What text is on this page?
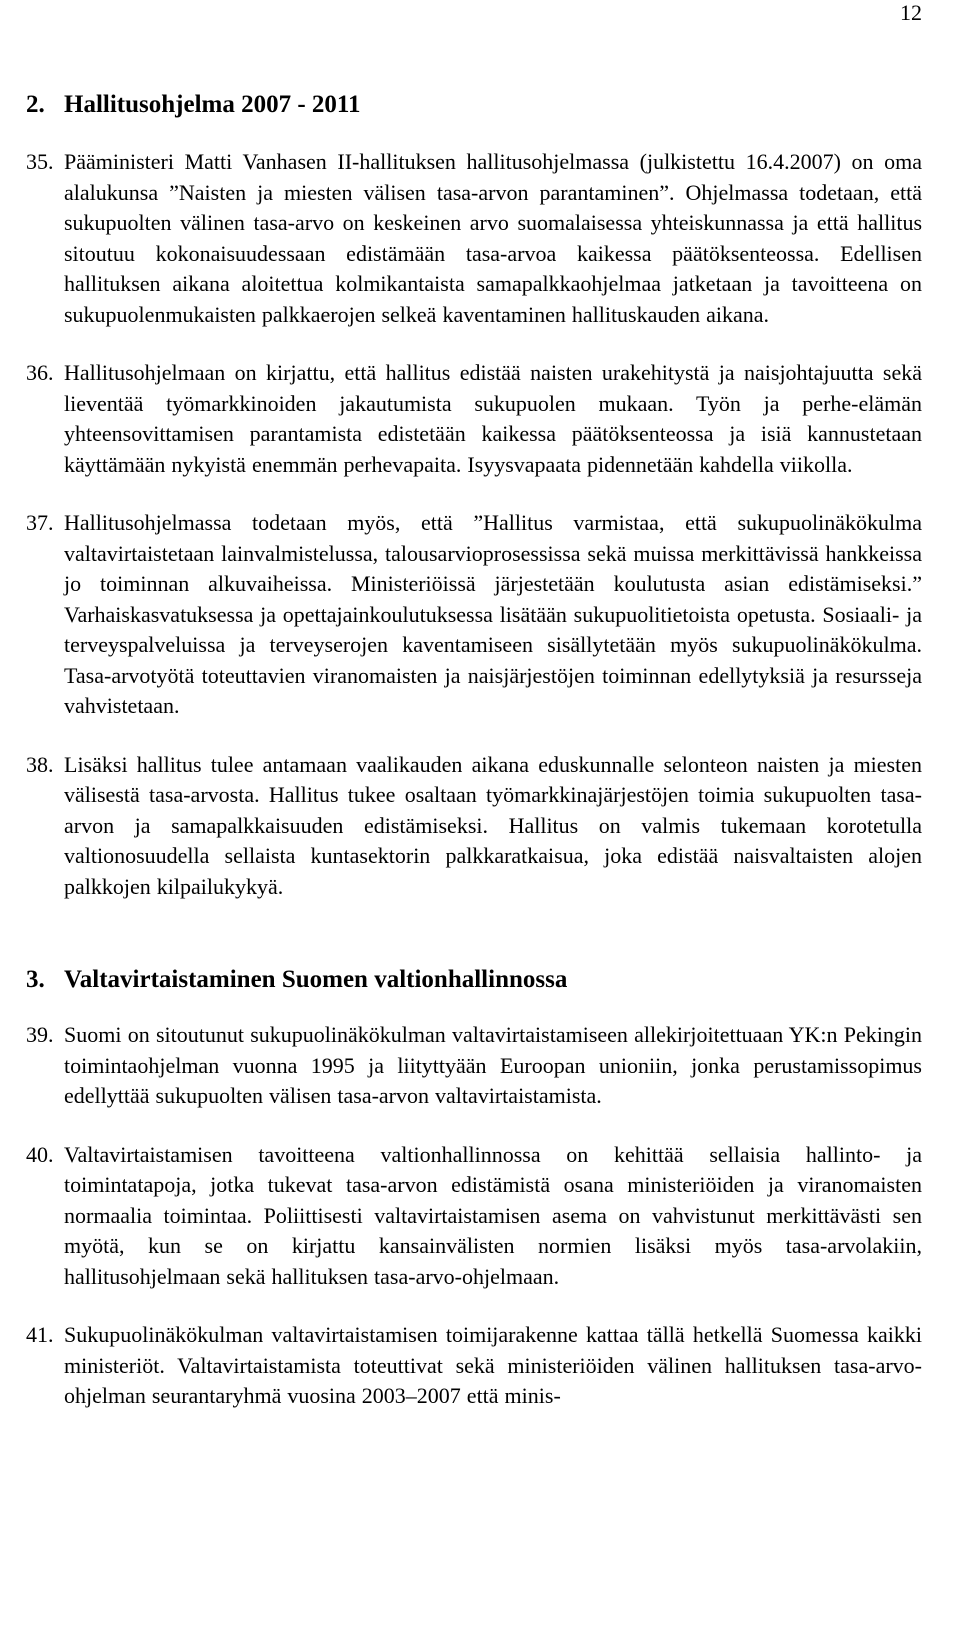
12
2. Hallitusohjelma 2007 - 2011
35. Pääministeri Matti Vanhasen II-hallituksen hallitusohjelmassa (julkistettu 16.4.2007) on oma alalukunsa ”Naisten ja miesten välisen tasa-arvon parantaminen”. Ohjelmassa todetaan, että sukupuolten välinen tasa-arvo on keskeinen arvo suomalaisessa yhteiskunnassa ja että hallitus sitoutuu kokonaisuudessaan edistämään tasa-arvoa kaikessa päätöksenteossa. Edellisen hallituksen aikana aloitettua kolmikantaista samapalkkaohjelmaa jatketaan ja tavoitteena on sukupuolenmukaisten palkkaerojen selkeä kaventaminen hallituskauden aikana.
36. Hallitusohjelmaan on kirjattu, että hallitus edistää naisten urakehitystä ja naisjohtajuutta sekä lieventää työmarkkinoiden jakautumista sukupuolen mukaan. Työn ja perhe-elämän yhteensovittamisen parantamista edistetään kaikessa päätöksenteossa ja isiä kannustetaan käyttämään nykyistä enemmän perhevapaita. Isyysvapaata pidennetään kahdella viikolla.
37. Hallitusohjelmassa todetaan myös, että ”Hallitus varmistaa, että sukupuolinäkökulma valtavirtaistetaan lainvalmistelussa, talousarvioprosessissa sekä muissa merkittävissä hankkeissa jo toiminnan alkuvaiheissa. Ministeriöissä järjestetään koulutusta asian edistämiseksi.” Varhaiskasvatuksessa ja opettajainkoulutuksessa lisätään sukupuolitietoista opetusta. Sosiaali- ja terveyspalveluissa ja terveyserojen kaventamiseen sisällytetään myös sukupuolinäkökulma. Tasa-arvotyötä toteuttavien viranomaisten ja naisjärjestöjen toiminnan edellytyksiä ja resursseja vahvistetaan.
38. Lisäksi hallitus tulee antamaan vaalikauden aikana eduskunnalle selonteon naisten ja miesten välisestä tasa-arvosta. Hallitus tukee osaltaan työmarkkinajärjestöjen toimia sukupuolten tasa-arvon ja samapalkkaisuuden edistämiseksi. Hallitus on valmis tukemaan korotetulla valtionosuudella sellaista kuntasektorin palkkaratkaisua, joka edistää naisvaltaisten alojen palkkojen kilpailukykyä.
3. Valtavirtaistaminen Suomen valtionhallinnossa
39. Suomi on sitoutunut sukupuolinäkökulman valtavirtaistamiseen allekirjoitettuaan YK:n Pekingin toimintaohjelman vuonna 1995 ja liityttyään Euroopan unioniin, jonka perustamissopimus edellyttää sukupuolten välisen tasa-arvon valtavirtaistamista.
40. Valtavirtaistamisen tavoitteena valtionhallinnossa on kehittää sellaisia hallinto- ja toimintatapoja, jotka tukevat tasa-arvon edistämistä osana ministeriöiden ja viranomaisten normaalia toimintaa. Poliittisesti valtavirtaistamisen asema on vahvistunut merkittävästi sen myötä, kun se on kirjattu kansainvälisten normien lisäksi myös tasa-arvolakiin, hallitusohjelmaan sekä hallituksen tasa-arvo-ohjelmaan.
41. Sukupuolinäkökulman valtavirtaistamisen toimijarakenne kattaa tällä hetkellä Suomessa kaikki ministeriöt. Valtavirtaistamista toteuttivat sekä ministeriöiden välinen hallituksen tasa-arvo-ohjelman seurantaryhmä vuosina 2003–2007 että minis-
